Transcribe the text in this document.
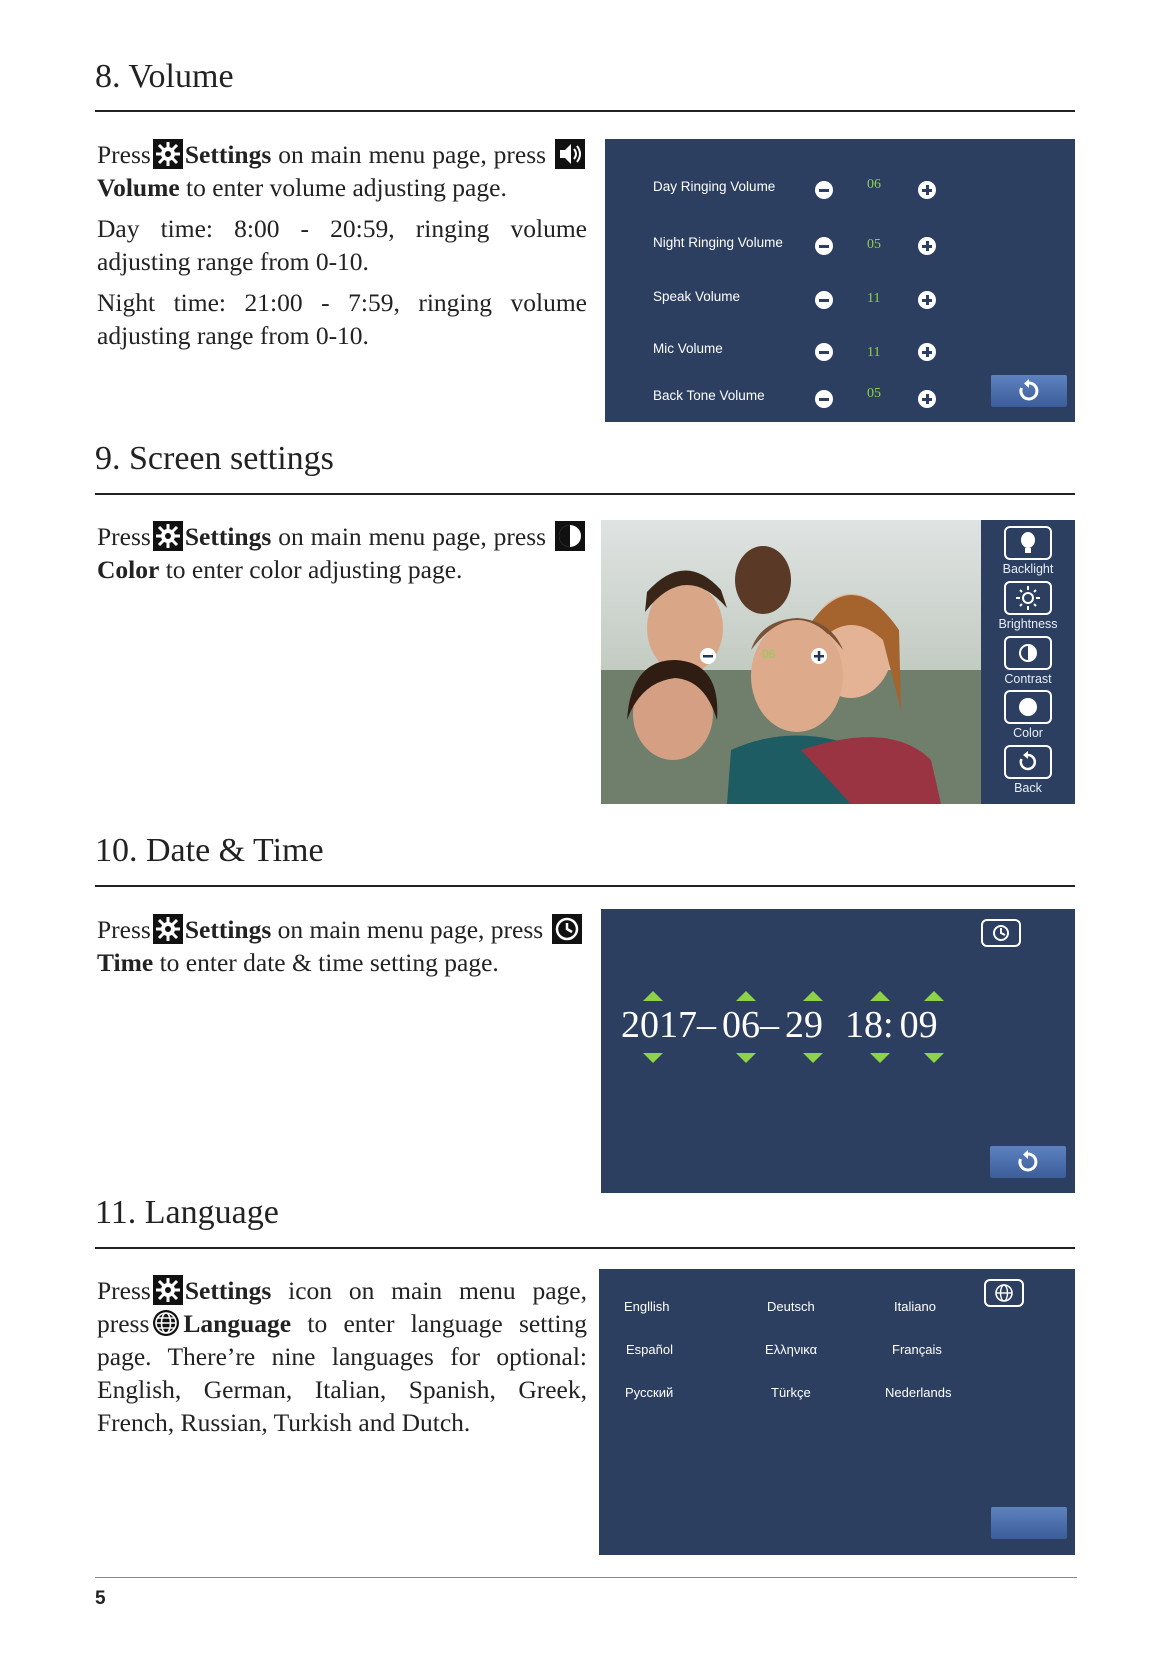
8. Volume

Press Settings on main menu page, press Volume to enter volume adjusting page.

Day time: 8:00 - 20:59, ringing volume adjusting range from 0-10.

Night time: 21:00 - 7:59, ringing volume adjusting range from 0-10.

Day Ringing Volume	06
Night Ringing Volume	05
Speak Volume	11
Mic Volume	11
Back Tone Volume	05
9. Screen settings

Press Settings on main menu page, press Color to enter color adjusting page.

06
Backlight
Brightness
Contrast
Color
Back
10. Date & Time

Press Settings on main menu page, press Time to enter date & time setting page.

2017– 06– 29 18: 09
11. Language

Press Settings icon on main menu page, press Language to enter language setting page. There’re nine languages for optional: English, German, Italian, Spanish, Greek, French, Russian, Turkish and Dutch.

Engllish	Deutsch	Italiano
Español	Ελληνικα	Français
Русский	Türkçe	Nederlands
5
